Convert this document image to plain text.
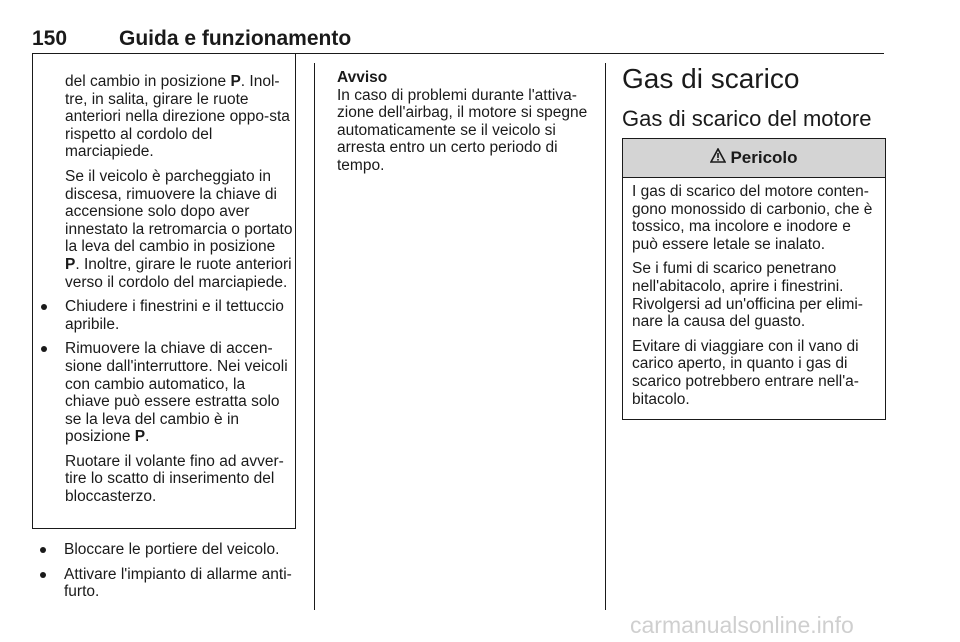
150 Guida e funzionamento

del cambio in posizione P. Inol-tre, in salita, girare le ruote anteriori nella direzione oppo-sta rispetto al cordolo del marciapiede.

Se il veicolo è parcheggiato in discesa, rimuovere la chiave di accensione solo dopo aver innestato la retromarcia o portato la leva del cambio in posizione P. Inoltre, girare le ruote anteriori verso il cordolo del marciapiede.

Chiudere i finestrini e il tettuccio apribile.
Rimuovere la chiave di accen-sione dall'interruttore. Nei veicoli con cambio automatico, la chiave può essere estratta solo se la leva del cambio è in posizione P.

Ruotare il volante fino ad avver-tire lo scatto di inserimento del bloccasterzo.

Bloccare le portiere del veicolo.
Attivare l'impianto di allarme anti-furto.
Avviso
In caso di problemi durante l'attiva-zione dell'airbag, il motore si spegne automaticamente se il veicolo si arresta entro un certo periodo di tempo.
Gas di scarico
Gas di scarico del motore
Pericolo

I gas di scarico del motore conten-gono monossido di carbonio, che è tossico, ma incolore e inodore e può essere letale se inalato.

Se i fumi di scarico penetrano nell'abitacolo, aprire i finestrini. Rivolgersi ad un'officina per elimi-nare la causa del guasto.

Evitare di viaggiare con il vano di carico aperto, in quanto i gas di scarico potrebbero entrare nell'a-bitacolo.

carmanualsonline.info
